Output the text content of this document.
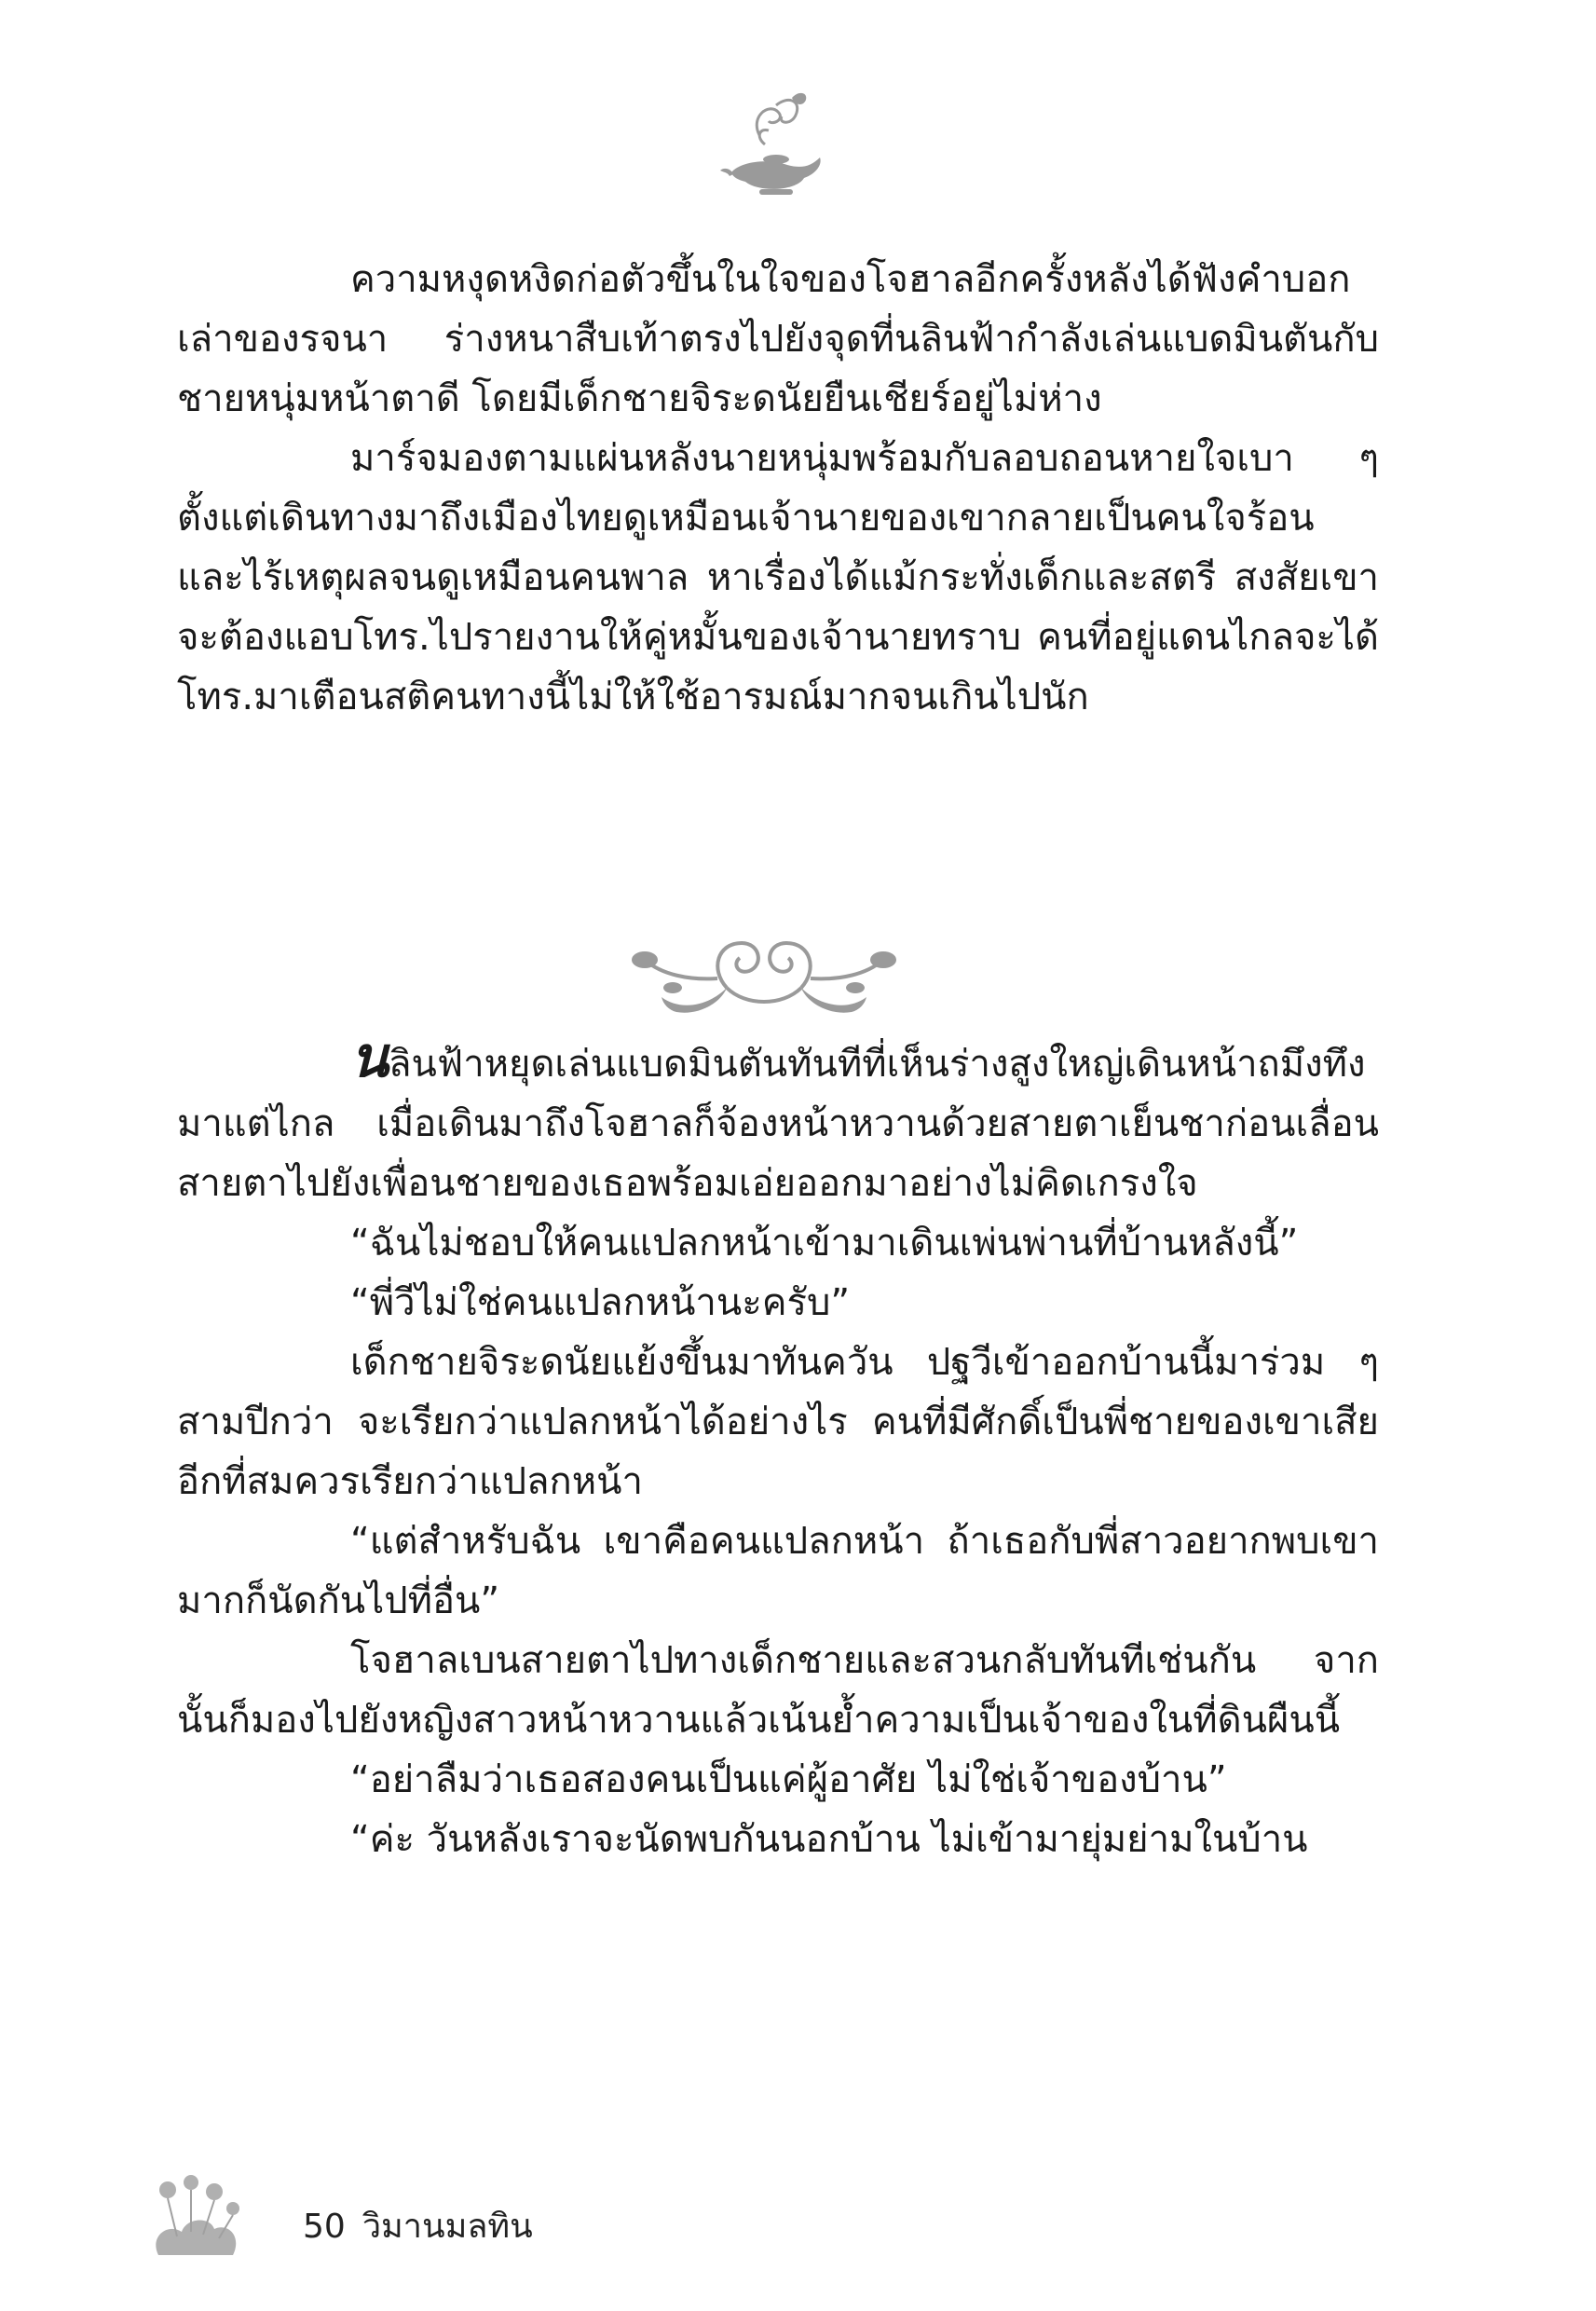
ความหงุดหงิดก่อตัวขึ้นในใจของโจฮาลอีกครั้งหลังได้ฟังคำบอกเล่าของรจนา ร่างหนาสืบเท้าตรงไปยังจุดที่นลินฟ้ากำลังเล่นแบดมินตันกับชายหนุ่มหน้าตาดี โดยมีเด็กชายจิระดนัยยืนเชียร์อยู่ไม่ห่าง

มาร์จมองตามแผ่นหลังนายหนุ่มพร้อมกับลอบถอนหายใจเบา ๆ ตั้งแต่เดินทางมาถึงเมืองไทยดูเหมือนเจ้านายของเขากลายเป็นคนใจร้อนและไร้เหตุผลจนดูเหมือนคนพาล หาเรื่องได้แม้กระทั่งเด็กและสตรี สงสัยเขาจะต้องแอบโทร.ไปรายงานให้คู่หมั้นของเจ้านายทราบ คนที่อยู่แดนไกลจะได้โทร.มาเตือนสติคนทางนี้ไม่ให้ใช้อารมณ์มากจนเกินไปนัก

นลินฟ้าหยุดเล่นแบดมินตันทันทีที่เห็นร่างสูงใหญ่เดินหน้าถมึงทึงมาแต่ไกล เมื่อเดินมาถึงโจฮาลก็จ้องหน้าหวานด้วยสายตาเย็นชาก่อนเลื่อนสายตาไปยังเพื่อนชายของเธอพร้อมเอ่ยออกมาอย่างไม่คิดเกรงใจ

“ฉันไม่ชอบให้คนแปลกหน้าเข้ามาเดินเพ่นพ่านที่บ้านหลังนี้”

“พี่วีไม่ใช่คนแปลกหน้านะครับ”

เด็กชายจิระดนัยแย้งขึ้นมาทันควัน ปฐวีเข้าออกบ้านนี้มาร่วม ๆ สามปีกว่า จะเรียกว่าแปลกหน้าได้อย่างไร คนที่มีศักดิ์เป็นพี่ชายของเขาเสียอีกที่สมควรเรียกว่าแปลกหน้า

“แต่สำหรับฉัน เขาคือคนแปลกหน้า ถ้าเธอกับพี่สาวอยากพบเขามากก็นัดกันไปที่อื่น”

โจฮาลเบนสายตาไปทางเด็กชายและสวนกลับทันทีเช่นกัน จากนั้นก็มองไปยังหญิงสาวหน้าหวานแล้วเน้นย้ำความเป็นเจ้าของในที่ดินผืนนี้

“อย่าลืมว่าเธอสองคนเป็นแค่ผู้อาศัย ไม่ใช่เจ้าของบ้าน”

“ค่ะ วันหลังเราจะนัดพบกันนอกบ้าน ไม่เข้ามายุ่มย่ามในบ้าน

50 วิมานมลทิน
